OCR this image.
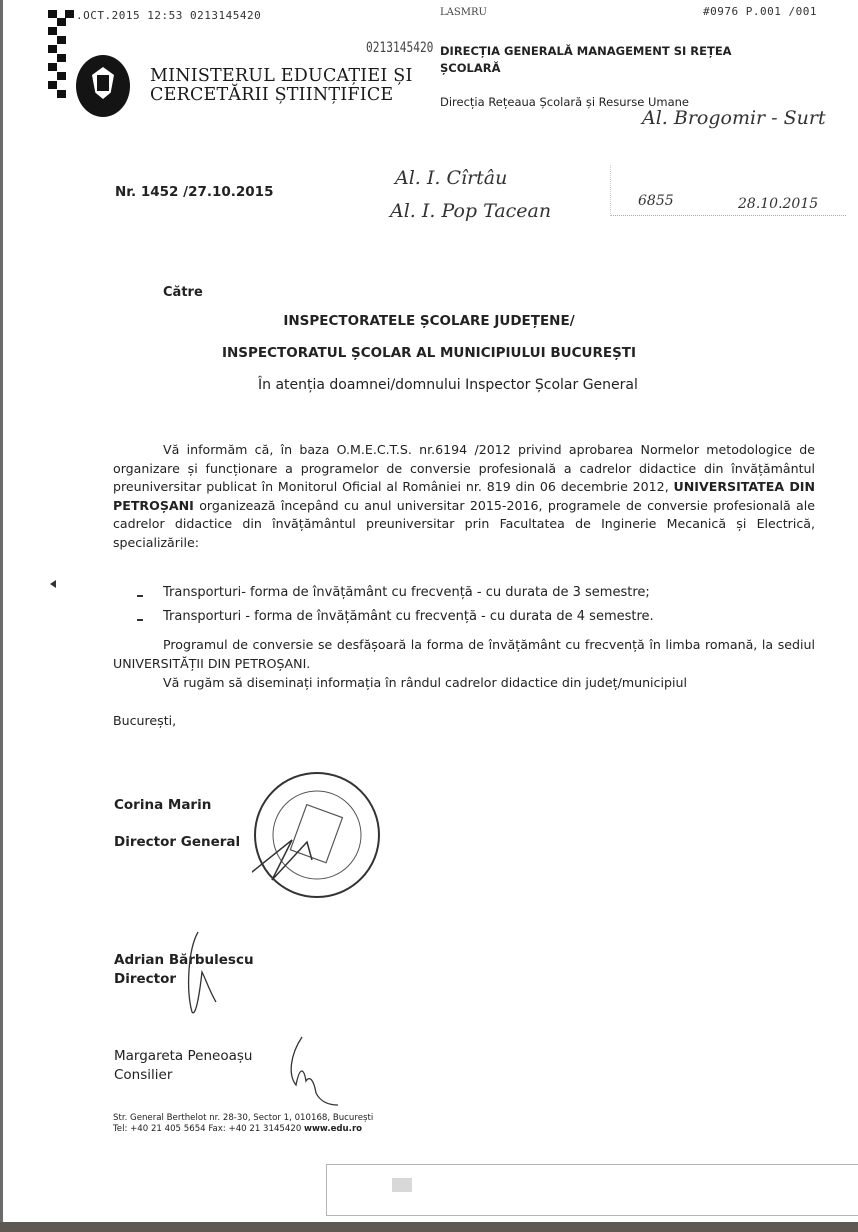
.OCT.2015 12:53 0213145420	LASMRU	#0976 P.001 /001
MINISTERUL EDUCAȚIEI ȘI
CERCETĂRII ȘTIINȚIFICE
0213145420 DIRECȚIA GENERALĂ MANAGEMENT SI REȚEA
ȘCOLARĂ
Direcția Rețeaua Școlară și Resurse Umane
Al. Brogomir - Surt
Al. I. Cîrtâu
Al. I. Pop Tacean	6855	28.10.2015
Nr. 1452 /27.10.2015
Către
INSPECTORATELE ȘCOLARE JUDEȚENE/
INSPECTORATUL ȘCOLAR AL MUNICIPIULUI BUCUREȘTI
În atenția doamnei/domnului Inspector Școlar General
Vă informăm că, în baza O.M.E.C.T.S. nr.6194 /2012 privind aprobarea Normelor metodologice de organizare și funcționare a programelor de conversie profesională a cadrelor didactice din învățământul preuniversitar publicat în Monitorul Oficial al României nr. 819 din 06 decembrie 2012, UNIVERSITATEA DIN PETROȘANI organizează începând cu anul universitar 2015-2016, programele de conversie profesională ale cadrelor didactice din învățământul preuniversitar prin Facultatea de Inginerie Mecanică și Electrică, specializările:
Transporturi- forma de învățământ cu frecvență - cu durata de 3 semestre;
Transporturi - forma de învățământ cu frecvență - cu durata de 4 semestre.
Programul de conversie se desfășoară la forma de învățământ cu frecvență în limba romană, la sediul UNIVERSITĂȚII DIN PETROȘANI.
Vă rugăm să diseminați informația în rândul cadrelor didactice din județ/municipiul
București,
Corina Marin
Director General
Adrian Bărbulescu
Director
Margareta Peneoașu
Consilier
Str. General Berthelot nr. 28-30, Sector 1, 010168, București
Tel: +40 21 405 5654 Fax: +40 21 3145420 www.edu.ro
